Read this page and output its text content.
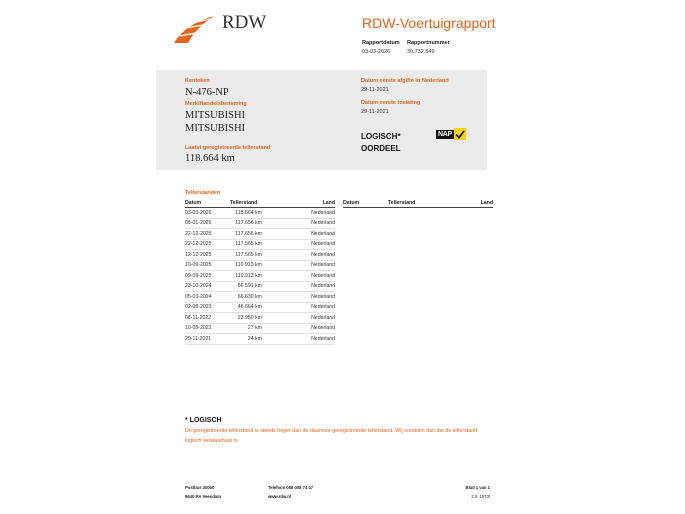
RDW	RDW-Voertuigrapport
Rapportdatum
03-03-2026
Rapportnummer
30.732.549
Kenteken
N-476-NP
Merk/Handelsbenaming
MITSUBISHI
MITSUBISHI
Laatst geregistreerde tellerstand
118.664 km
Datum eerste afgifte in Nederland
29-11-2021
Datum eerste toelating
29-11-2021
LOGISCH*
OORDEEL
NAP
Tellerstanden
Datum	Tellerstand	Land
03-03-2026	118.664 km	Nederland
05-01-2026	117.656 km	Nederland
22-12-2025	117.656 km	Nederland
22-12-2025	117.565 km	Nederland
12-12-2025	117.565 km	Nederland
10-09-2025	110.913 km	Nederland
09-09-2025	110.913 km	Nederland
23-10-2024	86.591 km	Nederland
05-03-2024	66.630 km	Nederland
02-08-2023	46.664 km	Nederland
08-11-2022	23.950 km	Nederland
10-05-2022	27 km	Nederland
29-11-2021	24 km	Nederland
Datum	Tellerstand	Land
* LOGISCH
De geregistreerde tellerstand is steeds hoger dan de daarvoor geregistreerde tellerstand. Wij oordelen dan dat de tellerstand logisch verklaarbaar is.
Postbus 30000
9640 RA Veendam
Telefoon 088 008 74 47
www.rdw.nl
Blad 1 van 1
2.0. 1b73f
